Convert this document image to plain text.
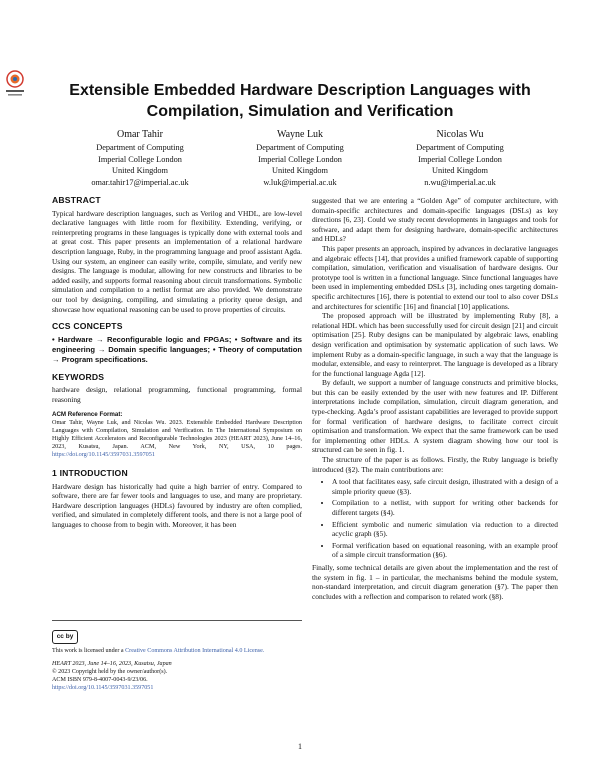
Extensible Embedded Hardware Description Languages with
Compilation, Simulation and Verification
Omar Tahir
Department of Computing
Imperial College London
United Kingdom
omar.tahir17@imperial.ac.uk
Wayne Luk
Department of Computing
Imperial College London
United Kingdom
w.luk@imperial.ac.uk
Nicolas Wu
Department of Computing
Imperial College London
United Kingdom
n.wu@imperial.ac.uk
ABSTRACT

Typical hardware description languages, such as Verilog and VHDL, are low-level declarative languages with little room for flexibility. Extending, verifying, or reinterpreting programs in these languages is typically done with external tools and at great cost. This paper presents an implementation of a relational hardware description language, Ruby, in the programming language and proof assistant Agda. Using our system, an engineer can easily write, compile, simulate, and verify new designs. The language is modular, allowing for new constructs and libraries to be added easily, and supports formal reasoning about circuit transformations. Symbolic simulation and compilation to a netlist format are also provided. We demonstrate our tool by designing, compiling, and simulating a priority queue design, and showcase how equational reasoning can be used to prove properties of circuits.

CCS CONCEPTS

• Hardware → Reconfigurable logic and FPGAs; • Software and its engineering → Domain specific languages; • Theory of computation → Program specifications.

KEYWORDS

hardware design, relational programming, functional programming, formal reasoning

ACM Reference Format:
Omar Tahir, Wayne Luk, and Nicolas Wu. 2023. Extensible Embedded Hardware Description Languages with Compilation, Simulation and Verification. In The International Symposium on Highly Efficient Accelerators and Reconfigurable Technologies 2023 (HEART 2023), June 14–16, 2023, Kusatsu, Japan. ACM, New York, NY, USA, 10 pages. https://doi.org/10.1145/3597031.3597051
1 INTRODUCTION

Hardware design has historically had quite a high barrier of entry. Compared to software, there are far fewer tools and languages to use, and many are proprietary. Hardware description languages (HDLs) favoured by industry are often complied, verified, and simulated in completely different tools, and there is not a large pool of languages to choose from to begin with. Moreover, it has been

cc by
This work is licensed under a Creative Commons Attribution International 4.0 License.
HEART 2023, June 14–16, 2023, Kusatsu, Japan
© 2023 Copyright held by the owner/author(s).
ACM ISBN 979-8-4007-0043-9/23/06.
https://doi.org/10.1145/3597031.3597051

suggested that we are entering a “Golden Age” of computer architecture, with domain-specific architectures and domain-specific languages (DSLs) as key directions [6, 23]. Could we study recent developments in languages and tools for software, and adapt them for designing hardware, domain-specific architectures and HDLs?

This paper presents an approach, inspired by advances in declarative languages and algebraic effects [14], that provides a unified framework capable of supporting compilation, simulation, verification and visualisation of hardware designs. Our prototype tool is written in a functional language. Since functional languages have been used in implementing embedded DSLs [3], including ones targeting domain-specific architectures [16], there is potential to extend our tool to also cover DSLs and architectures for scientific [16] and financial [10] applications.

The proposed approach will be illustrated by implementing Ruby [8], a relational HDL which has been successfully used for circuit design [21] and circuit optimisation [25]. Ruby designs can be manipulated by algebraic laws, enabling design verification and optimisation by systematic application of such laws. We implement Ruby as a domain-specific language, in such a way that the language is modular, extensible, and easy to reinterpret. The language is developed as a library for the functional language Agda [12].

By default, we support a number of language constructs and primitive blocks, but this can be easily extended by the user with new features and IP. Different interpretations include compilation, simulation, circuit diagram generation, and type-checking. Agda’s proof assistant capabilities are leveraged to provide support for formal verification of hardware designs, to facilitate correct circuit optimisation and transformation. We expect that the same framework can be used for implementing other HDLs. A system diagram showing how our tool is structured can be seen in fig. 1.

The structure of the paper is as follows. Firstly, the Ruby language is briefly introduced (§2). The main contributions are:

• A tool that facilitates easy, safe circuit design, illustrated with a design of a simple priority queue (§3).
• Compilation to a netlist, with support for writing other backends for different targets (§4).
• Efficient symbolic and numeric simulation via reduction to a directed acyclic graph (§5).
• Formal verification based on equational reasoning, with an example proof of a simple circuit transformation (§6).

Finally, some technical details are given about the implementation and the rest of the system in fig. 1 – in particular, the mechanisms behind the module system, non-standard interpretation, and circuit diagram generation (§7). The paper then concludes with a reflection and comparison to related work (§8).

1
